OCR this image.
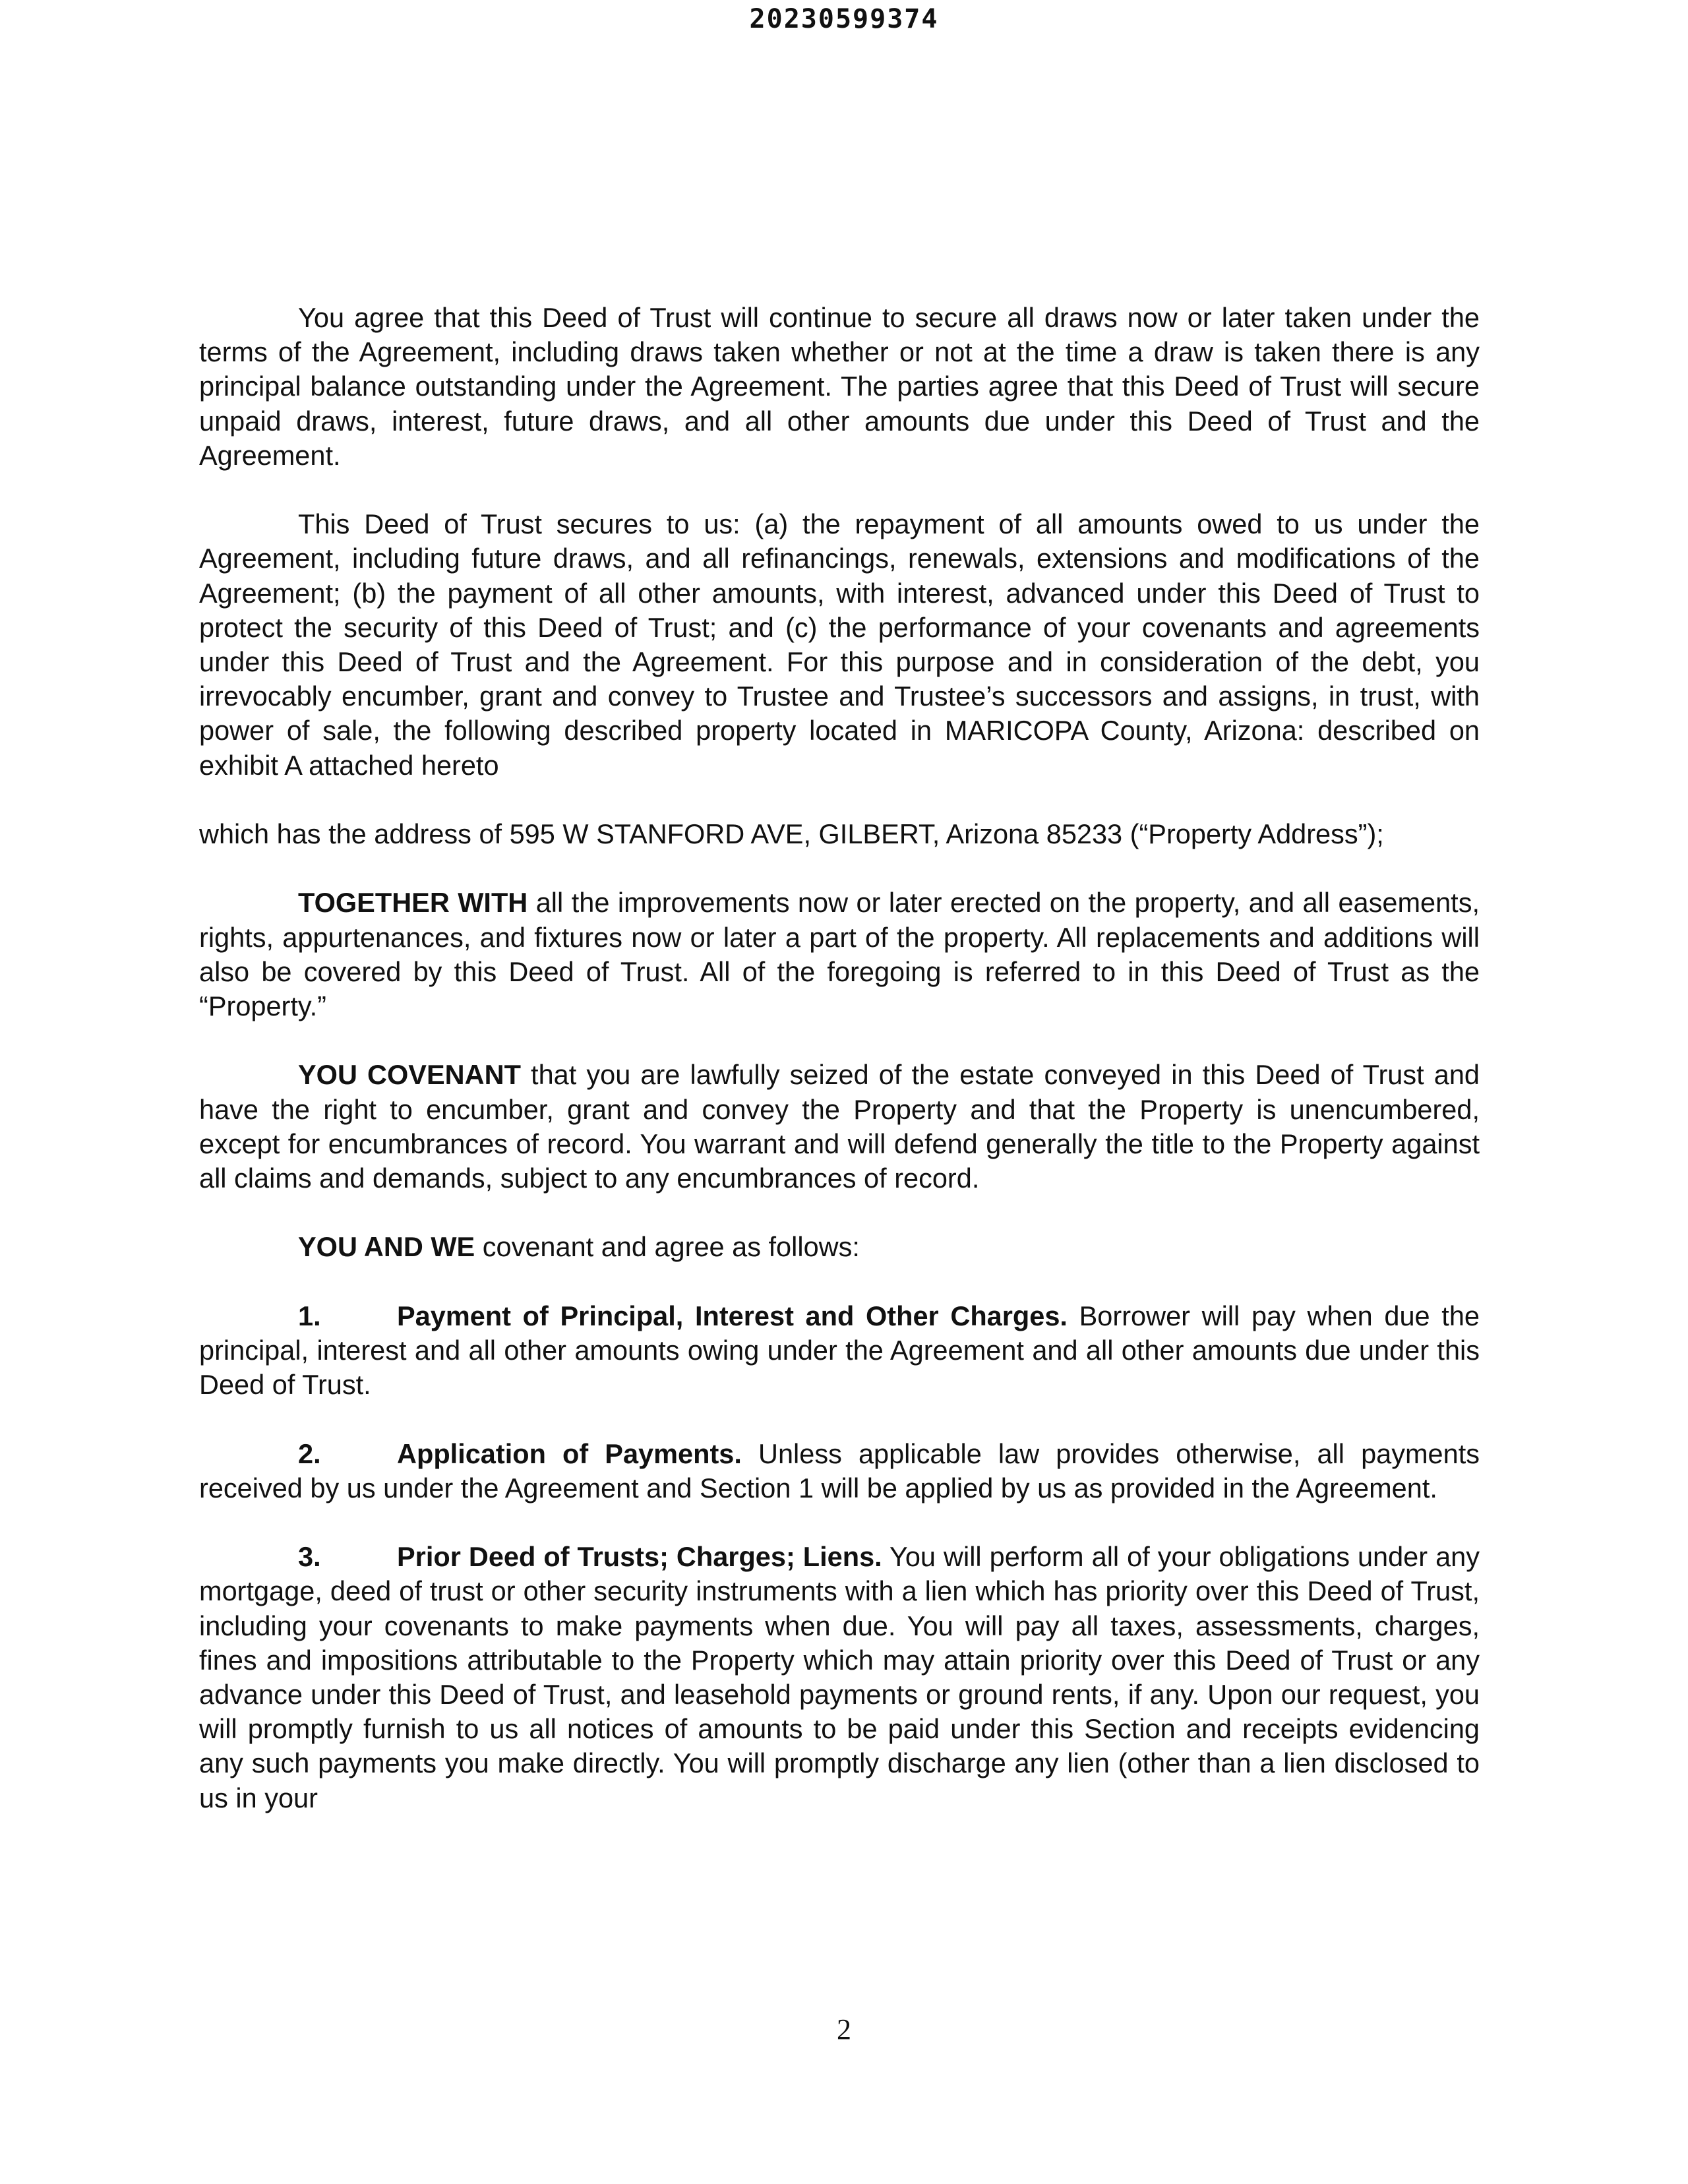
20230599374

You agree that this Deed of Trust will continue to secure all draws now or later taken under the terms of the Agreement, including draws taken whether or not at the time a draw is taken there is any principal balance outstanding under the Agreement. The parties agree that this Deed of Trust will secure unpaid draws, interest, future draws, and all other amounts due under this Deed of Trust and the Agreement.

This Deed of Trust secures to us: (a) the repayment of all amounts owed to us under the Agreement, including future draws, and all refinancings, renewals, extensions and modifications of the Agreement; (b) the payment of all other amounts, with interest, advanced under this Deed of Trust to protect the security of this Deed of Trust; and (c) the performance of your covenants and agreements under this Deed of Trust and the Agreement. For this purpose and in consideration of the debt, you irrevocably encumber, grant and convey to Trustee and Trustee’s successors and assigns, in trust, with power of sale, the following described property located in MARICOPA County, Arizona: described on exhibit A attached hereto

which has the address of 595 W STANFORD AVE, GILBERT, Arizona 85233 (“Property Address”);

TOGETHER WITH all the improvements now or later erected on the property, and all easements, rights, appurtenances, and fixtures now or later a part of the property. All replacements and additions will also be covered by this Deed of Trust. All of the foregoing is referred to in this Deed of Trust as the “Property.”

YOU COVENANT that you are lawfully seized of the estate conveyed in this Deed of Trust and have the right to encumber, grant and convey the Property and that the Property is unencumbered, except for encumbrances of record. You warrant and will defend generally the title to the Property against all claims and demands, subject to any encumbrances of record.

YOU AND WE covenant and agree as follows:

1.	Payment of Principal, Interest and Other Charges. Borrower will pay when due the principal, interest and all other amounts owing under the Agreement and all other amounts due under this Deed of Trust.

2.	Application of Payments. Unless applicable law provides otherwise, all payments received by us under the Agreement and Section 1 will be applied by us as provided in the Agreement.

3.	Prior Deed of Trusts; Charges; Liens. You will perform all of your obligations under any mortgage, deed of trust or other security instruments with a lien which has priority over this Deed of Trust, including your covenants to make payments when due. You will pay all taxes, assessments, charges, fines and impositions attributable to the Property which may attain priority over this Deed of Trust or any advance under this Deed of Trust, and leasehold payments or ground rents, if any. Upon our request, you will promptly furnish to us all notices of amounts to be paid under this Section and receipts evidencing any such payments you make directly. You will promptly discharge any lien (other than a lien disclosed to us in your

2
